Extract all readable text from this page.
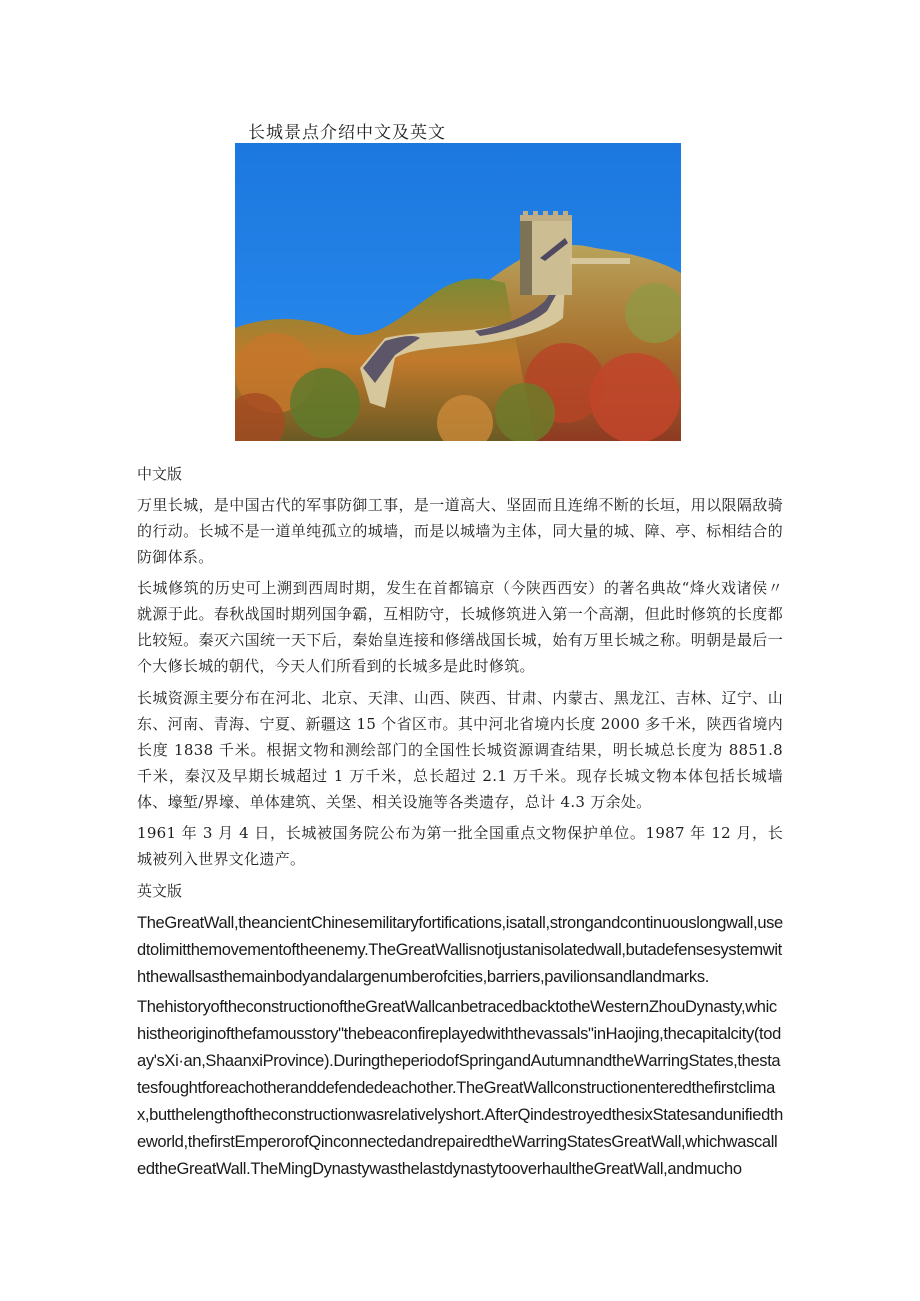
长城景点介绍中文及英文
中文版
万里长城，是中国古代的军事防御工事，是一道高大、坚固而且连绵不断的长垣，用以限隔敌骑的行动。长城不是一道单纯孤立的城墙，而是以城墙为主体，同大量的城、障、亭、标相结合的防御体系。
长城修筑的历史可上溯到西周时期，发生在首都镐京（今陕西西安）的著名典故“烽火戏诸侯〃就源于此。春秋战国时期列国争霸，互相防守，长城修筑进入第一个高潮，但此时修筑的长度都比较短。秦灭六国统一天下后，秦始皇连接和修缮战国长城，始有万里长城之称。明朝是最后一个大修长城的朝代，今天人们所看到的长城多是此时修筑。
长城资源主要分布在河北、北京、天津、山西、陕西、甘肃、内蒙古、黑龙江、吉林、辽宁、山东、河南、青海、宁夏、新疆这 15 个省区市。其中河北省境内长度 2000 多千米，陕西省境内长度 1838 千米。根据文物和测绘部门的全国性长城资源调査结果，明长城总长度为 8851.8 千米，秦汉及早期长城超过 1 万千米，总长超过 2.1 万千米。现存长城文物本体包括长城墙体、壕堑/界壕、单体建筑、关堡、相关设施等各类遗存，总计 4.3 万余处。
1961 年 3 月 4 日，长城被国务院公布为第一批全国重点文物保护单位。1987 年 12 月，长城被列入世界文化遗产。
英文版
TheGreatWall,theancientChinesemilitaryfortifications,isatall,strongandcontinuouslongwall,usedtolimitthemovementoftheenemy.TheGreatWallisnotjustanisolatedwall,butadefensesystemwiththewallsasthemainbodyandalargenumberofcities,barriers,pavilionsandlandmarks.
ThehistoryoftheconstructionoftheGreatWallcanbetracedbacktotheWesternZhouDynasty,whichistheoriginofthefamousstory"thebeaconfireplayedwiththevassals"inHaojing,thecapitalcity(today'sXi·an,ShaanxiProvince).DuringtheperiodofSpringandAutumnandtheWarringStates,thestatesfoughtforeachotheranddefendedeachother.TheGreatWallconstructionenteredthefirstclimax,butthelengthoftheconstructionwasrelativelyshort.AfterQindestroyedthesixStatesandunifiedtheworld,thefirstEmperorofQinconnectedandrepairedtheWarringStatesGreatWall,whichwascalledtheGreatWall.TheMingDynastywasthelastdynastytooverhaultheGreatWall,andmucho
